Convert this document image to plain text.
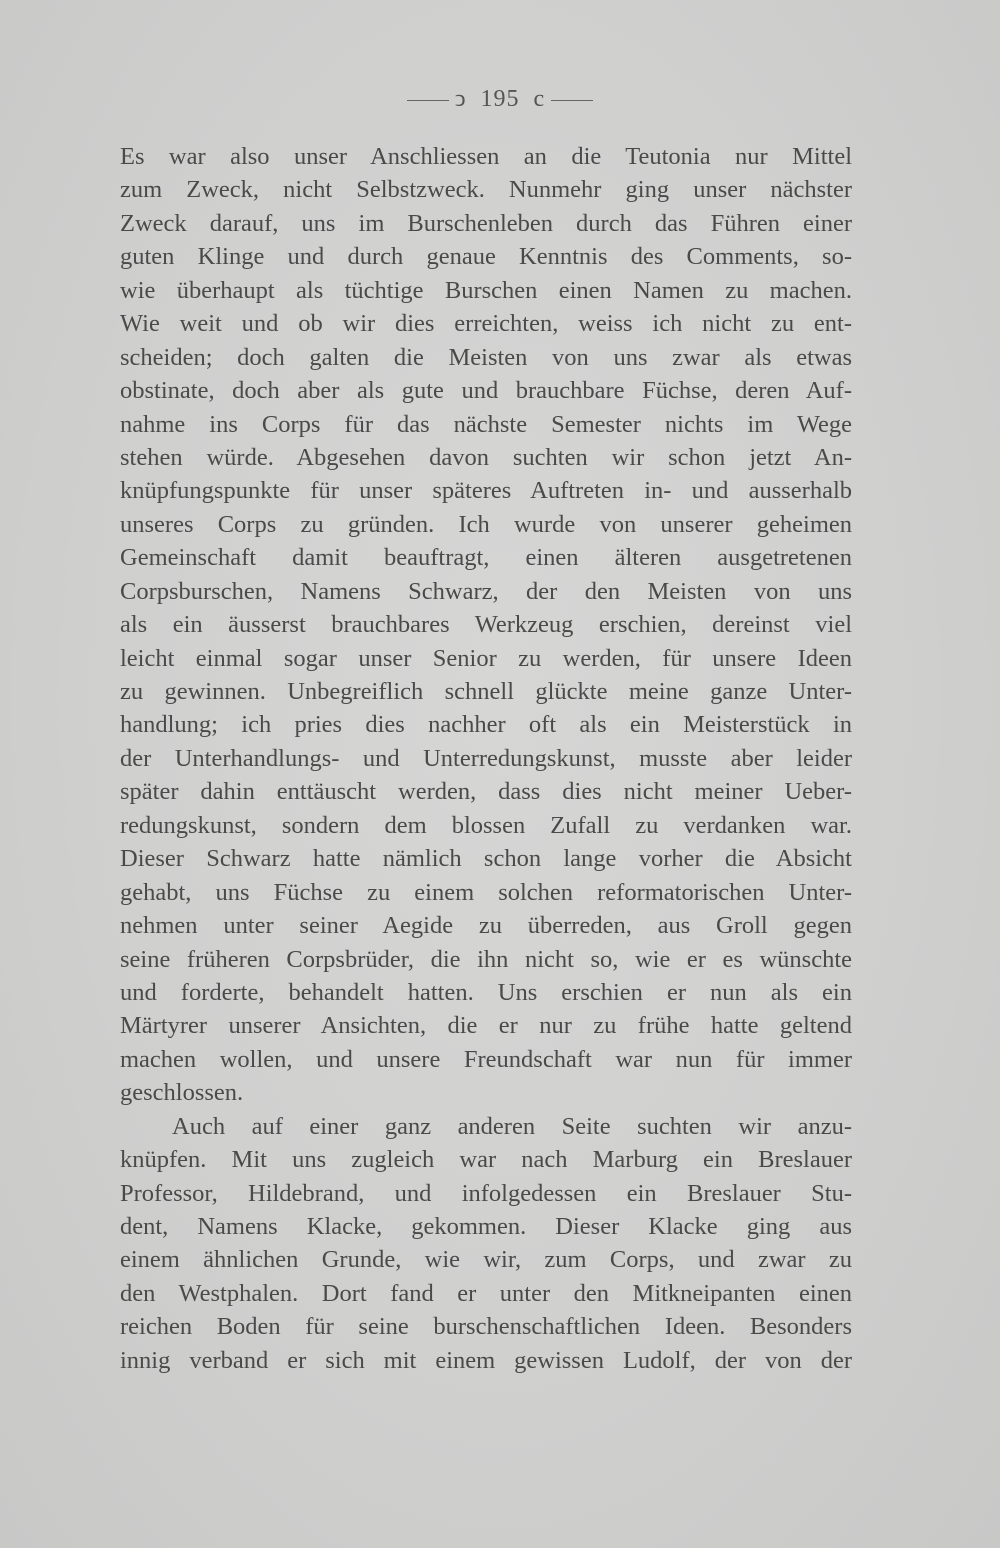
ↄ 195 c
Es war also unser Anschliessen an die Teutonia nur Mittel
zum Zweck, nicht Selbstzweck. Nunmehr ging unser nächster
Zweck darauf, uns im Burschenleben durch das Führen einer
guten Klinge und durch genaue Kenntnis des Comments, so-
wie überhaupt als tüchtige Burschen einen Namen zu machen.
Wie weit und ob wir dies erreichten, weiss ich nicht zu ent-
scheiden; doch galten die Meisten von uns zwar als etwas
obstinate, doch aber als gute und brauchbare Füchse, deren Auf-
nahme ins Corps für das nächste Semester nichts im Wege
stehen würde. Abgesehen davon suchten wir schon jetzt An-
knüpfungspunkte für unser späteres Auftreten in- und ausserhalb
unseres Corps zu gründen. Ich wurde von unserer geheimen
Gemeinschaft damit beauftragt, einen älteren ausgetretenen
Corpsburschen, Namens Schwarz, der den Meisten von uns
als ein äusserst brauchbares Werkzeug erschien, dereinst viel
leicht einmal sogar unser Senior zu werden, für unsere Ideen
zu gewinnen. Unbegreiflich schnell glückte meine ganze Unter-
handlung; ich pries dies nachher oft als ein Meisterstück in
der Unterhandlungs- und Unterredungskunst, musste aber leider
später dahin enttäuscht werden, dass dies nicht meiner Ueber-
redungskunst, sondern dem blossen Zufall zu verdanken war.
Dieser Schwarz hatte nämlich schon lange vorher die Absicht
gehabt, uns Füchse zu einem solchen reformatorischen Unter-
nehmen unter seiner Aegide zu überreden, aus Groll gegen
seine früheren Corpsbrüder, die ihn nicht so, wie er es wünschte
und forderte, behandelt hatten. Uns erschien er nun als ein
Märtyrer unserer Ansichten, die er nur zu frühe hatte geltend
machen wollen, und unsere Freundschaft war nun für immer
geschlossen.
Auch auf einer ganz anderen Seite suchten wir anzu-
knüpfen. Mit uns zugleich war nach Marburg ein Breslauer
Professor, Hildebrand, und infolgedessen ein Breslauer Stu-
dent, Namens Klacke, gekommen. Dieser Klacke ging aus
einem ähnlichen Grunde, wie wir, zum Corps, und zwar zu
den Westphalen. Dort fand er unter den Mitkneipanten einen
reichen Boden für seine burschenschaftlichen Ideen. Besonders
innig verband er sich mit einem gewissen Ludolf, der von der
